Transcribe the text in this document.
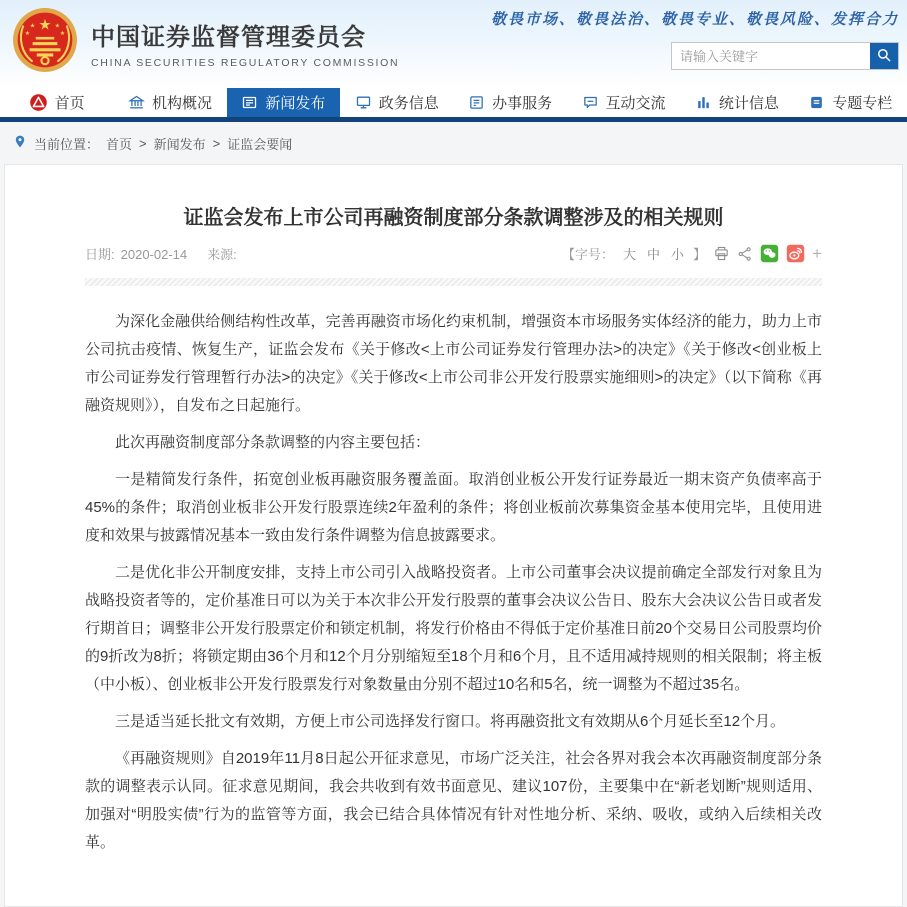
★
★	★
★	★ 中国证券监督管理委员会
CHINA SECURITIES REGULATORY COMMISSION
敬畏市场、敬畏法治、敬畏专业、敬畏风险、发挥合力
请输入关键字
首页	机构概况	新闻发布	政务信息	办事服务	互动交流	统计信息	专题专栏
当前位置： 首页 > 新闻发布 > 证监会要闻
证监会发布上市公司再融资制度部分条款调整涉及的相关规则
日期: 2020-02-14 来源:	【字号： 大 中 小 】	+

为深化金融供给侧结构性改革，完善再融资市场化约束机制，增强资本市场服务实体经济的能力，助力上市公司抗击疫情、恢复生产，证监会发布《关于修改<上市公司证券发行管理办法>的决定》《关于修改<创业板上市公司证券发行管理暂行办法>的决定》《关于修改<上市公司非公开发行股票实施细则>的决定》（以下简称《再融资规则》），自发布之日起施行。

此次再融资制度部分条款调整的内容主要包括：

一是精简发行条件，拓宽创业板再融资服务覆盖面。取消创业板公开发行证券最近一期末资产负债率高于45%的条件；取消创业板非公开发行股票连续2年盈利的条件；将创业板前次募集资金基本使用完毕，且使用进度和效果与披露情况基本一致由发行条件调整为信息披露要求。

二是优化非公开制度安排，支持上市公司引入战略投资者。上市公司董事会决议提前确定全部发行对象且为战略投资者等的，定价基准日可以为关于本次非公开发行股票的董事会决议公告日、股东大会决议公告日或者发行期首日；调整非公开发行股票定价和锁定机制，将发行价格由不得低于定价基准日前20个交易日公司股票均价的9折改为8折；将锁定期由36个月和12个月分别缩短至18个月和6个月，且不适用减持规则的相关限制；将主板（中小板）、创业板非公开发行股票发行对象数量由分别不超过10名和5名，统一调整为不超过35名。

三是适当延长批文有效期，方便上市公司选择发行窗口。将再融资批文有效期从6个月延长至12个月。

《再融资规则》自2019年11月8日起公开征求意见，市场广泛关注，社会各界对我会本次再融资制度部分条款的调整表示认同。征求意见期间，我会共收到有效书面意见、建议107份，主要集中在“新老划断”规则适用、加强对“明股实债”行为的监管等方面，我会已结合具体情况有针对性地分析、采纳、吸收，或纳入后续相关改革。
